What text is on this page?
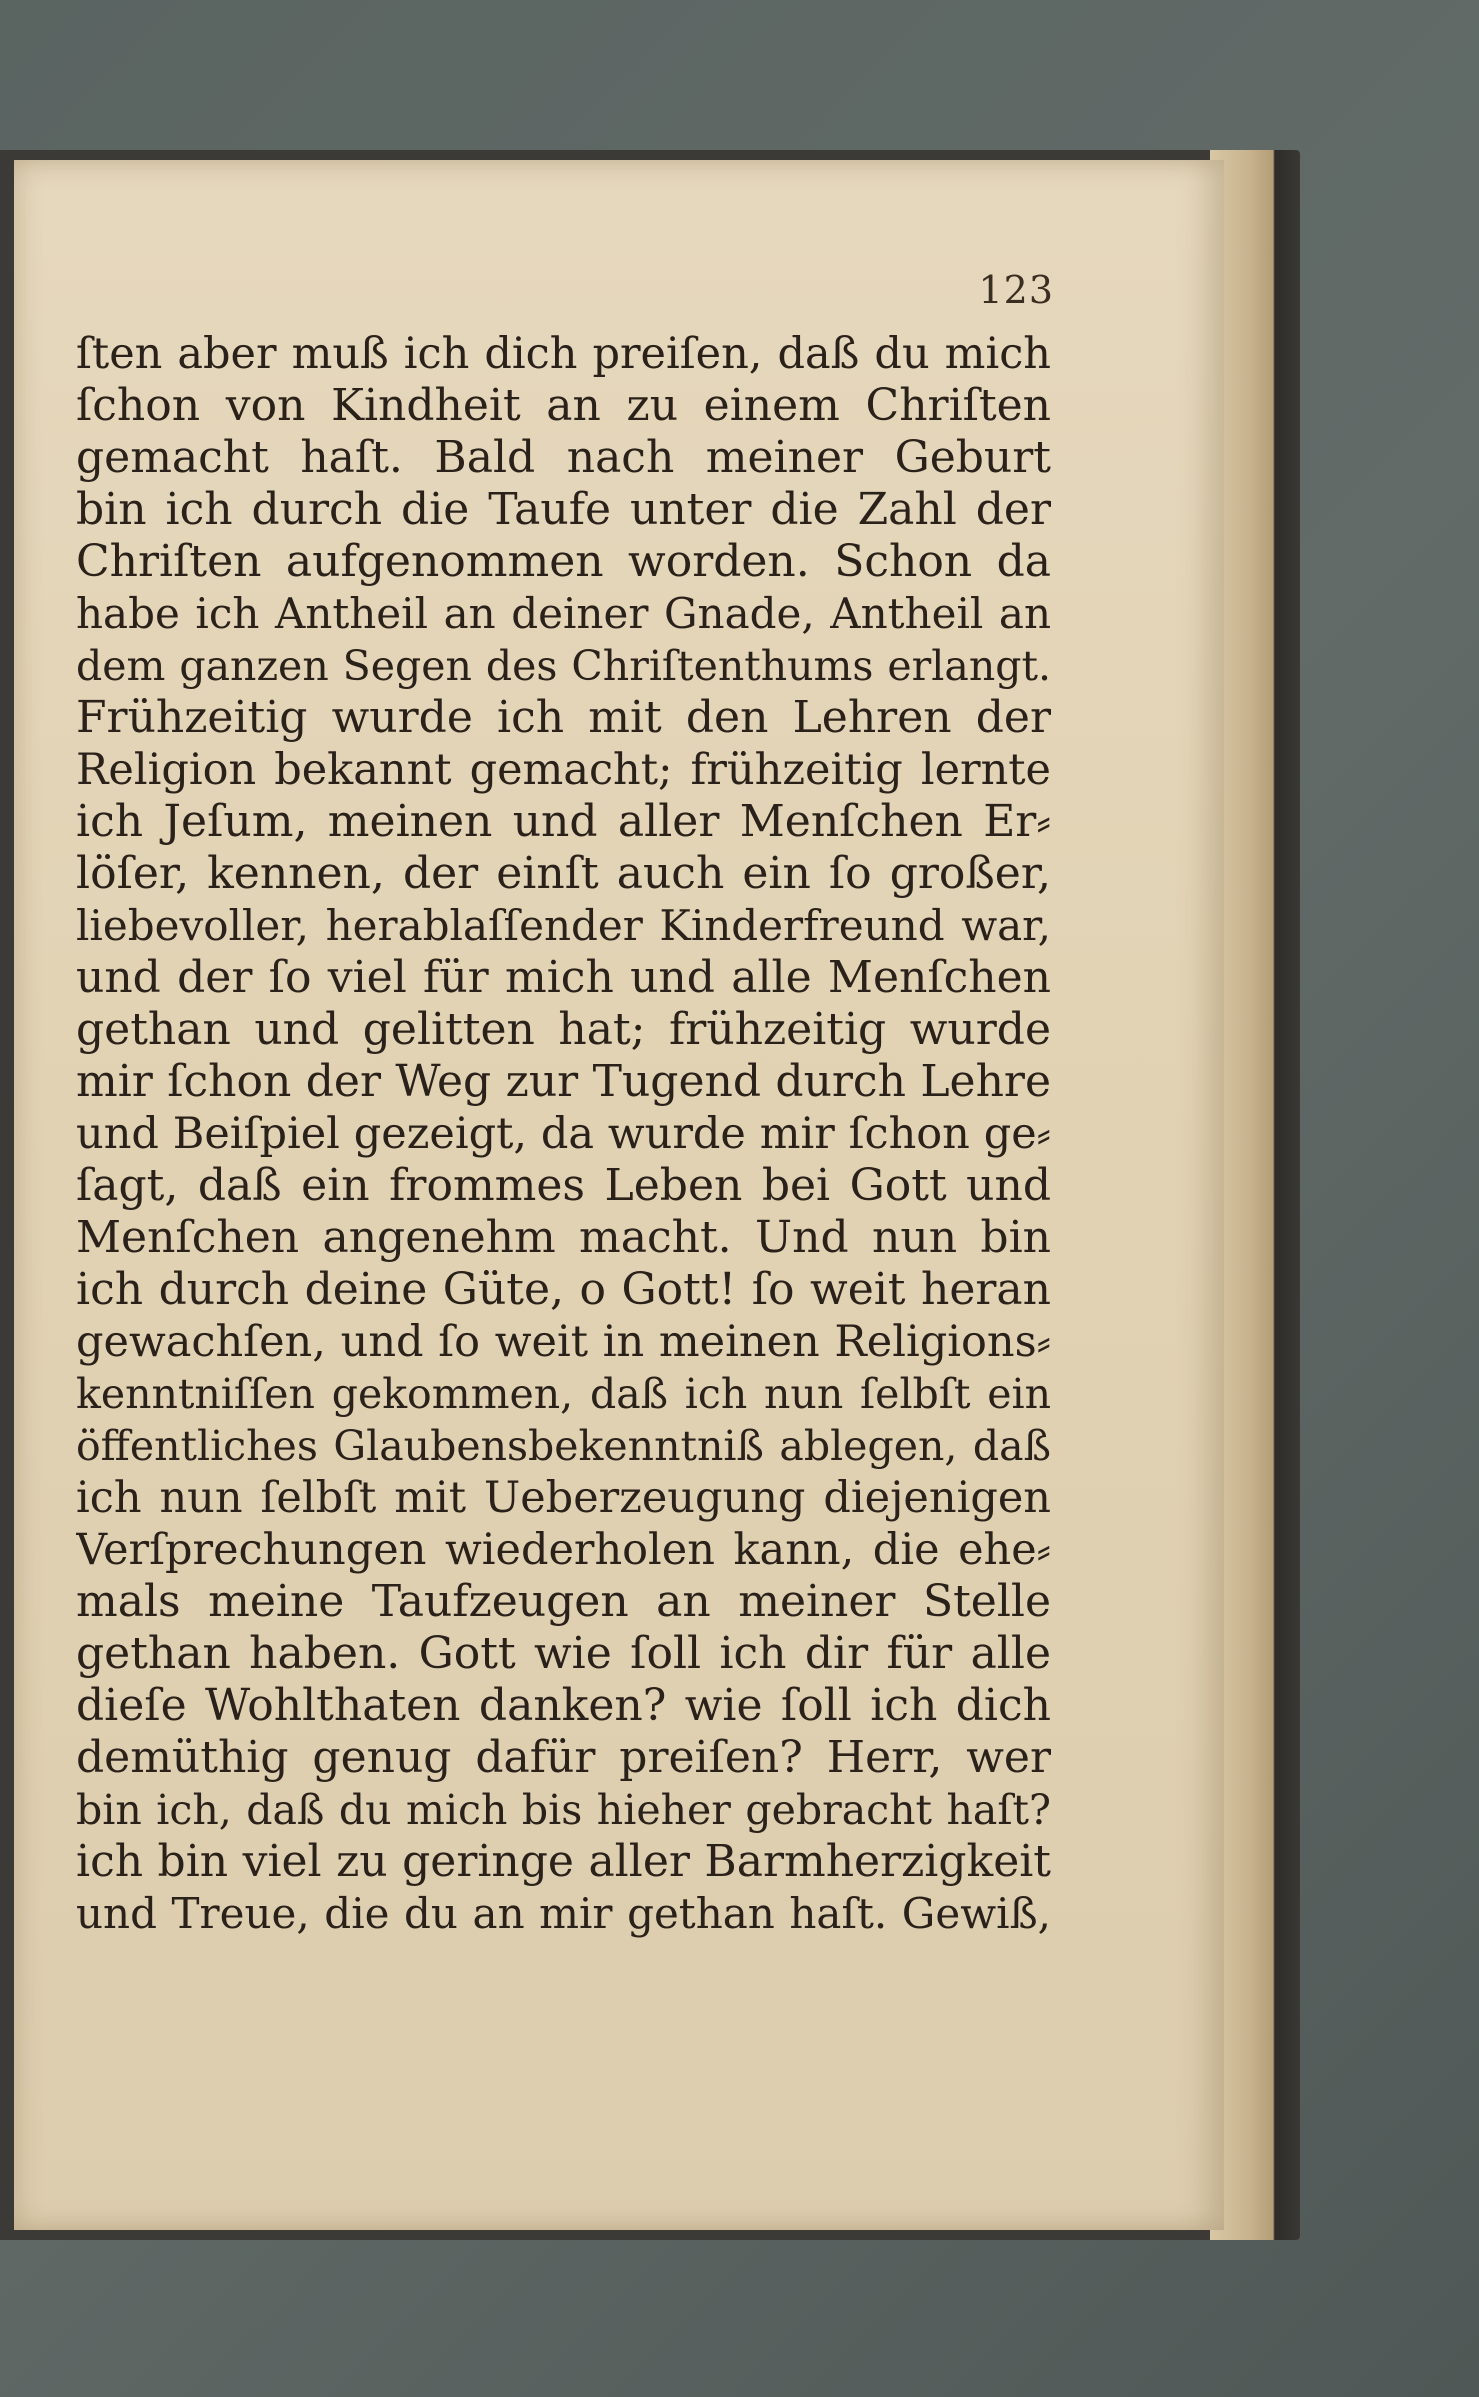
123
ſten aber muß ich dich preiſen, daß du mich
ſchon von Kindheit an zu einem Chriſten
gemacht haſt. Bald nach meiner Geburt
bin ich durch die Taufe unter die Zahl der
Chriſten aufgenommen worden. Schon da
habe ich Antheil an deiner Gnade, Antheil an
dem ganzen Segen des Chriſtenthums erlangt.
Frühzeitig wurde ich mit den Lehren der
Religion bekannt gemacht; frühzeitig lernte
ich Jeſum, meinen und aller Menſchen Er⸗
löſer, kennen, der einſt auch ein ſo großer,
liebevoller, herablaſſender Kinderfreund war,
und der ſo viel für mich und alle Menſchen
gethan und gelitten hat; frühzeitig wurde
mir ſchon der Weg zur Tugend durch Lehre
und Beiſpiel gezeigt, da wurde mir ſchon ge⸗
ſagt, daß ein frommes Leben bei Gott und
Menſchen angenehm macht. Und nun bin
ich durch deine Güte, o Gott! ſo weit heran
gewachſen, und ſo weit in meinen Religions⸗
kenntniſſen gekommen, daß ich nun ſelbſt ein
öffentliches Glaubensbekenntniß ablegen, daß
ich nun ſelbſt mit Ueberzeugung diejenigen
Verſprechungen wiederholen kann, die ehe⸗
mals meine Taufzeugen an meiner Stelle
gethan haben. Gott wie ſoll ich dir für alle
dieſe Wohlthaten danken? wie ſoll ich dich
demüthig genug dafür preiſen? Herr, wer
bin ich, daß du mich bis hieher gebracht haſt?
ich bin viel zu geringe aller Barmherzigkeit
und Treue, die du an mir gethan haſt. Gewiß,
